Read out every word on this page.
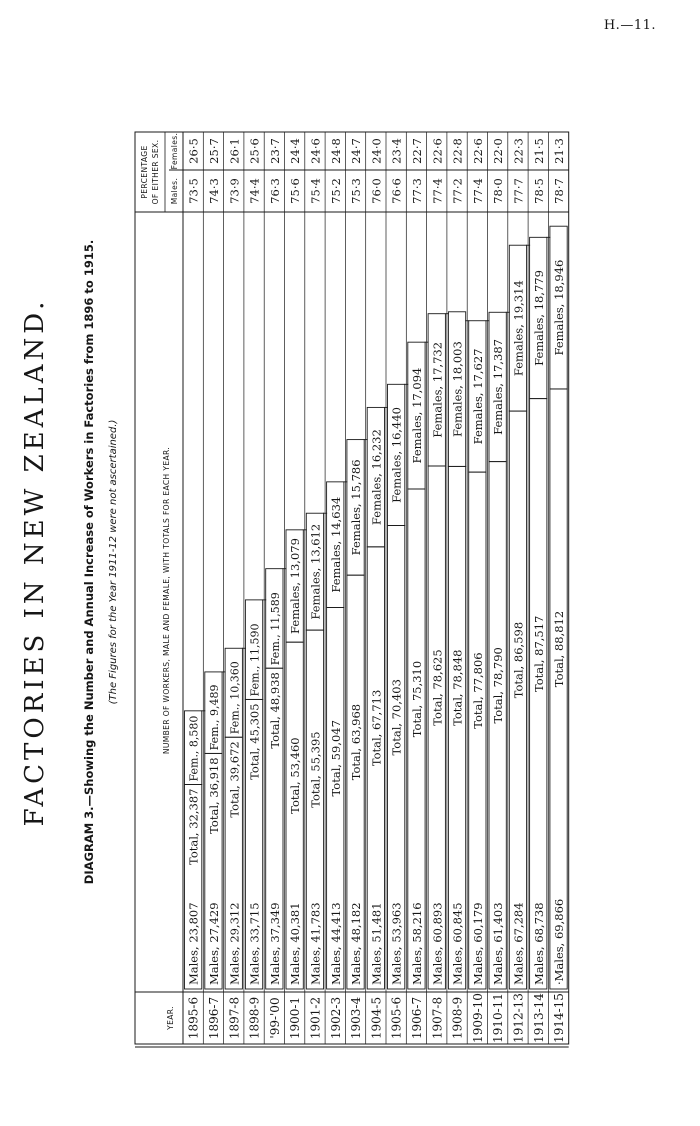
H.—11.
FACTORIES IN NEW ZEALAND.	DIAGRAM 3.—Showing the Number and Annual Increase of Workers in Factories from 1896 to 1915. (The Figures for the Year 1911-12 were not ascertained.)
YEAR.
NUMBER OF WORKERS, MALE AND FEMALE, WITH TOTALS FOR EACH YEAR.
PERCENTAGE OF EITHER SEX. Males.
Females.
1895-6
Males, 23,807
Total, 32,387
Fem., 8,580
73·5
26·5
1896-7
Males, 27,429
Total, 36,918
Fem., 9,489
74·3
25·7
1897-8
Males, 29,312
Total, 39,672
Fem., 10,360
73·9
26·1
1898-9
Males, 33,715
Total, 45,305
Fem., 11,590
74·4
25·6
'99-'00
Males, 37,349
Total, 48,938
Fem., 11,589
76·3
23·7
1900-1
Males, 40,381
Total, 53,460
Females, 13,079
75·6
24·4
1901-2
Males, 41,783
Total, 55,395
Females, 13,612
75·4
24·6
1902-3
Males, 44,413
Total, 59,047
Females, 14,634
75·2
24·8
1903-4
Males, 48,182
Total, 63,968
Females, 15,786
75·3
24·7
1904-5
Males, 51,481
Total, 67,713
Females, 16,232
76·0
24·0
1905-6
Males, 53,963
Total, 70,403
Females, 16,440
76·6
23·4
1906-7
Males, 58,216
Total, 75,310
Females, 17,094
77·3
22·7
1907-8
Males, 60,893
Total, 78,625
Females, 17,732
77·4
22·6
1908-9
Males, 60,845
Total, 78,848
Females, 18,003
77·2
22·8
1909-10
Males, 60,179
Total, 77,806
Females, 17,627
77·4
22·6
1910-11
Males, 61,403
Total, 78,790
Females, 17,387
78·0
22·0
1912-13
Males, 67,284
Total, 86,598
Females, 19,314
77·7
22·3
1913-14
Males, 68,738
Total, 87,517
Females, 18,779
78·5
21·5
1914-15
·Males, 69,866
Total, 88,812
Females, 18,946
78·7
21·3
